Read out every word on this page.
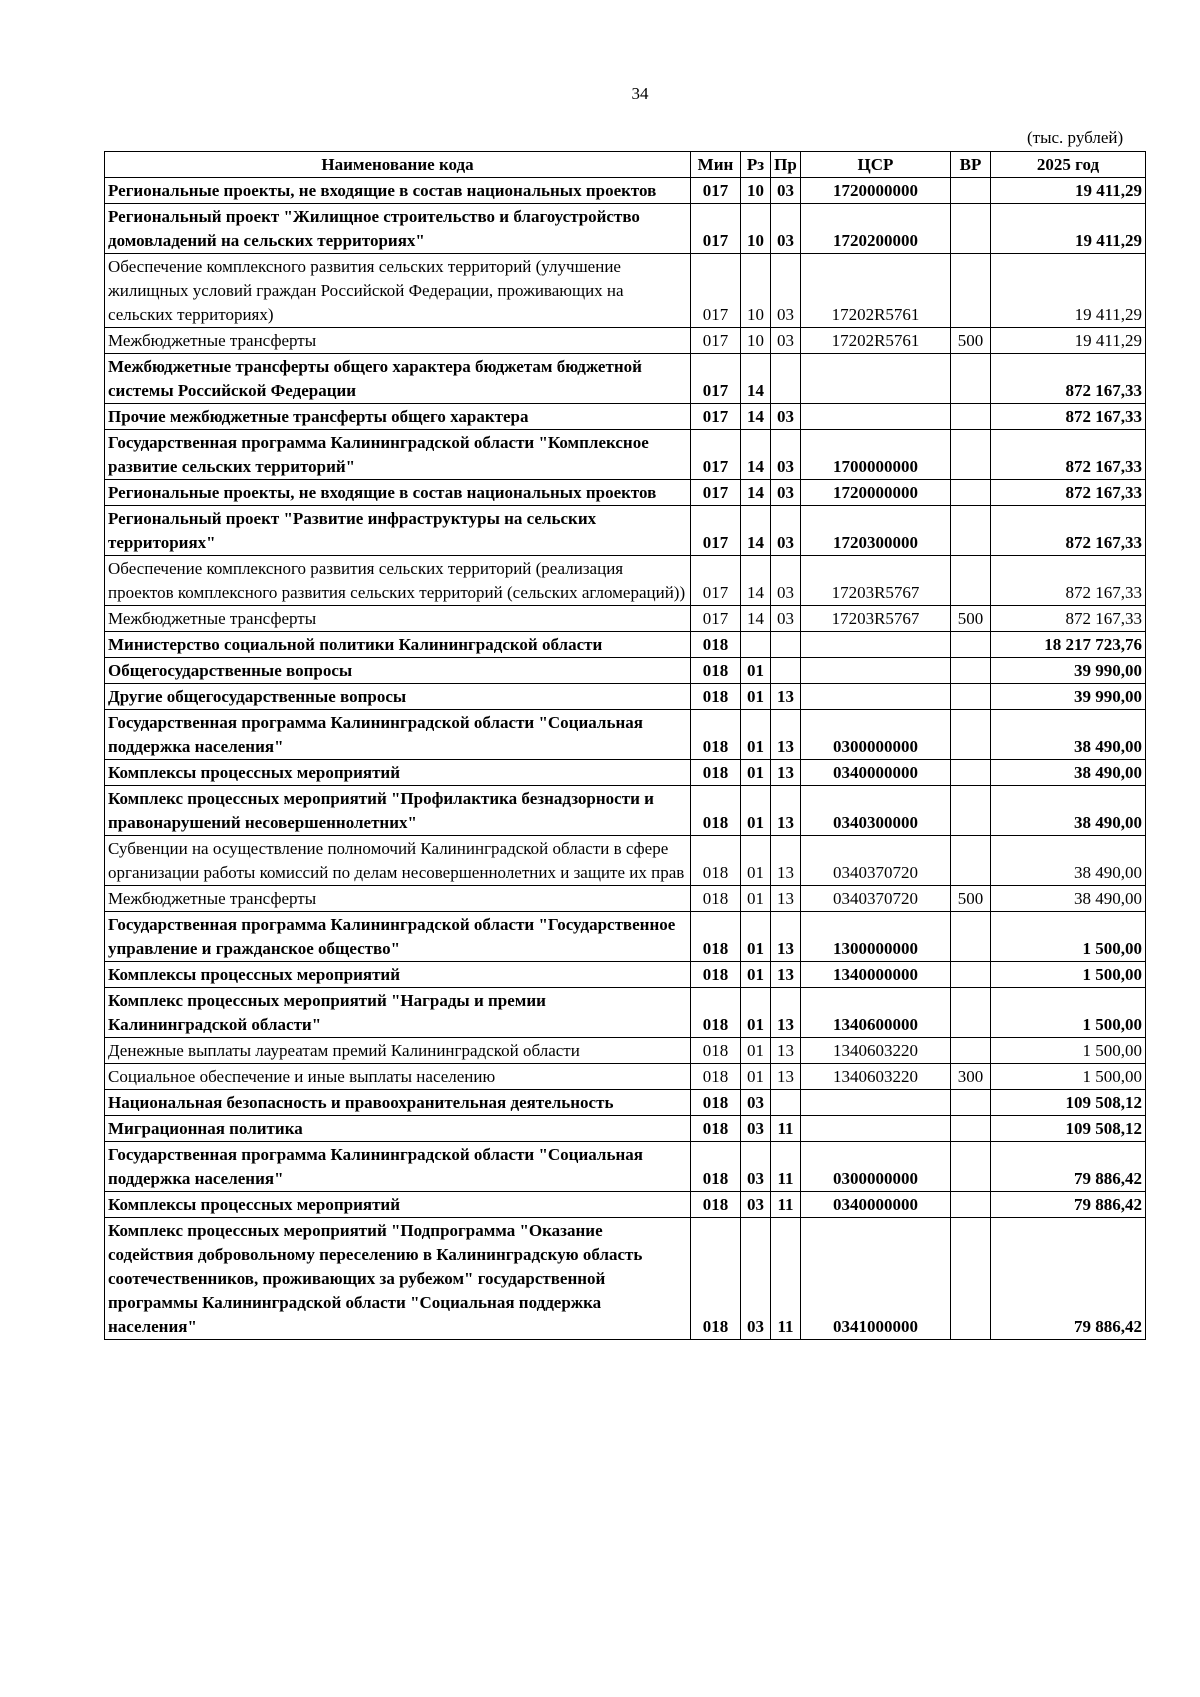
34
(тыс. рублей)
Наименование кода	Мин	Рз	Пр	ЦСР	ВР	2025 год
Региональные проекты, не входящие в состав национальных проектов	017	10	03	1720000000		19 411,29
Региональный проект "Жилищное строительство и благоустройство домовладений на сельских территориях"	017	10	03	1720200000		19 411,29
Обеспечение комплексного развития сельских территорий (улучшение жилищных условий граждан Российской Федерации, проживающих на сельских территориях)	017	10	03	17202R5761		19 411,29
Межбюджетные трансферты	017	10	03	17202R5761	500	19 411,29
Межбюджетные трансферты общего характера бюджетам бюджетной системы Российской Федерации	017	14				872 167,33
Прочие межбюджетные трансферты общего характера	017	14	03			872 167,33
Государственная программа Калининградской области "Комплексное развитие сельских территорий"	017	14	03	1700000000		872 167,33
Региональные проекты, не входящие в состав национальных проектов	017	14	03	1720000000		872 167,33
Региональный проект "Развитие инфраструктуры на сельских территориях"	017	14	03	1720300000		872 167,33
Обеспечение комплексного развития сельских территорий (реализация проектов комплексного развития сельских территорий (сельских агломераций))	017	14	03	17203R5767		872 167,33
Межбюджетные трансферты	017	14	03	17203R5767	500	872 167,33
Министерство социальной политики Калининградской области	018					18 217 723,76
Общегосударственные вопросы	018	01				39 990,00
Другие общегосударственные вопросы	018	01	13			39 990,00
Государственная программа Калининградской области "Социальная поддержка населения"	018	01	13	0300000000		38 490,00
Комплексы процессных мероприятий	018	01	13	0340000000		38 490,00
Комплекс процессных мероприятий "Профилактика безнадзорности и правонарушений несовершеннолетних"	018	01	13	0340300000		38 490,00
Субвенции на осуществление полномочий Калининградской области в сфере организации работы комиссий по делам несовершеннолетних и защите их прав	018	01	13	0340370720		38 490,00
Межбюджетные трансферты	018	01	13	0340370720	500	38 490,00
Государственная программа Калининградской области "Государственное управление и гражданское общество"	018	01	13	1300000000		1 500,00
Комплексы процессных мероприятий	018	01	13	1340000000		1 500,00
Комплекс процессных мероприятий "Награды и премии Калининградской области"	018	01	13	1340600000		1 500,00
Денежные выплаты лауреатам премий Калининградской области	018	01	13	1340603220		1 500,00
Социальное обеспечение и иные выплаты населению	018	01	13	1340603220	300	1 500,00
Национальная безопасность и правоохранительная деятельность	018	03				109 508,12
Миграционная политика	018	03	11			109 508,12
Государственная программа Калининградской области "Социальная поддержка населения"	018	03	11	0300000000		79 886,42
Комплексы процессных мероприятий	018	03	11	0340000000		79 886,42
Комплекс процессных мероприятий "Подпрограмма "Оказание содействия добровольному переселению в Калининградскую область соотечественников, проживающих за рубежом" государственной программы Калининградской области "Социальная поддержка населения"	018	03	11	0341000000		79 886,42
